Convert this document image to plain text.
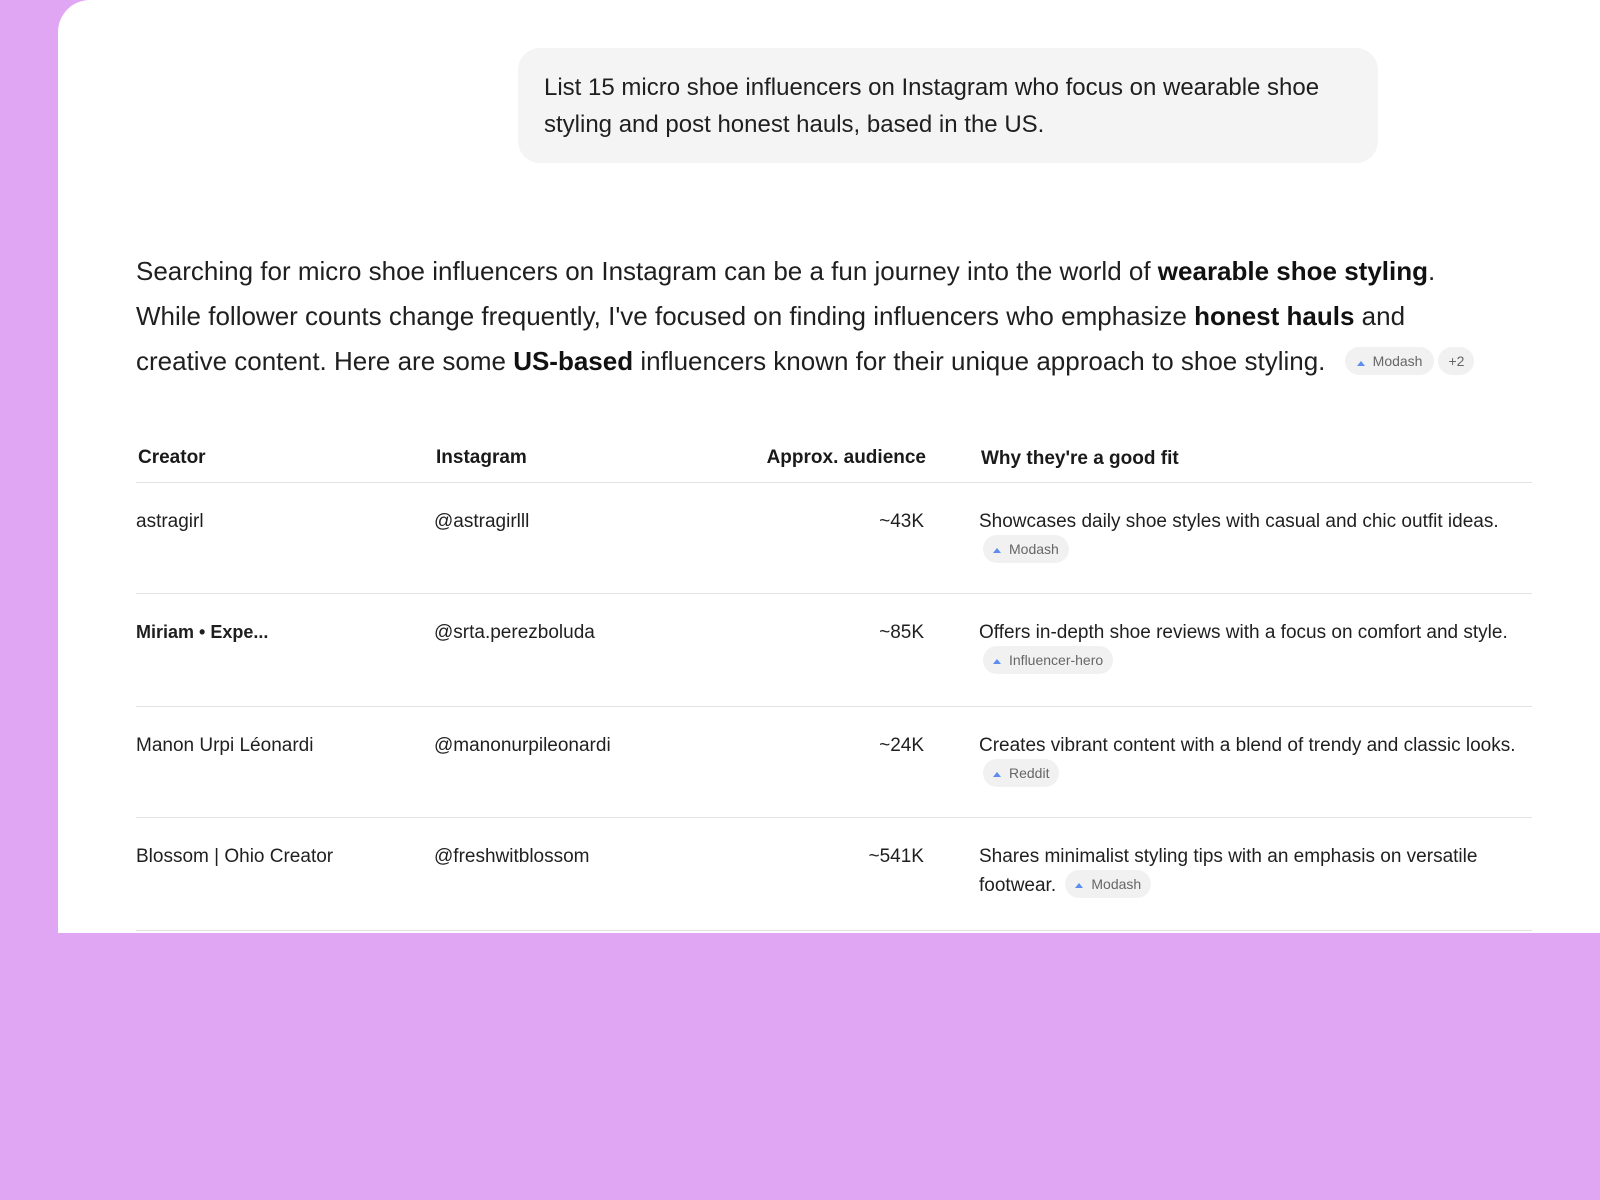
List 15 micro shoe influencers on Instagram who focus on wearable shoe styling and post honest hauls, based in the US.
Searching for micro shoe influencers on Instagram can be a fun journey into the world of wearable shoe styling. While follower counts change frequently, I've focused on finding influencers who emphasize honest hauls and creative content. Here are some US-based influencers known for their unique approach to shoe styling.	Modash +2
Creator	Instagram	Approx. audience	Why they're a good fit
astragirl	@astragirlll	~43K	Showcases daily shoe styles with casual and chic outfit ideas.
Modash
Miriam • Expe...	@srta.perezboluda	~85K	Offers in-depth shoe reviews with a focus on comfort and style.
Influencer-hero
Manon Urpi Léonardi	@manonurpileonardi	~24K	Creates vibrant content with a blend of trendy and classic looks.
Reddit
Blossom | Ohio Creator	@freshwitblossom	~541K	Shares minimalist styling tips with an emphasis on versatile footwear.	Modash
